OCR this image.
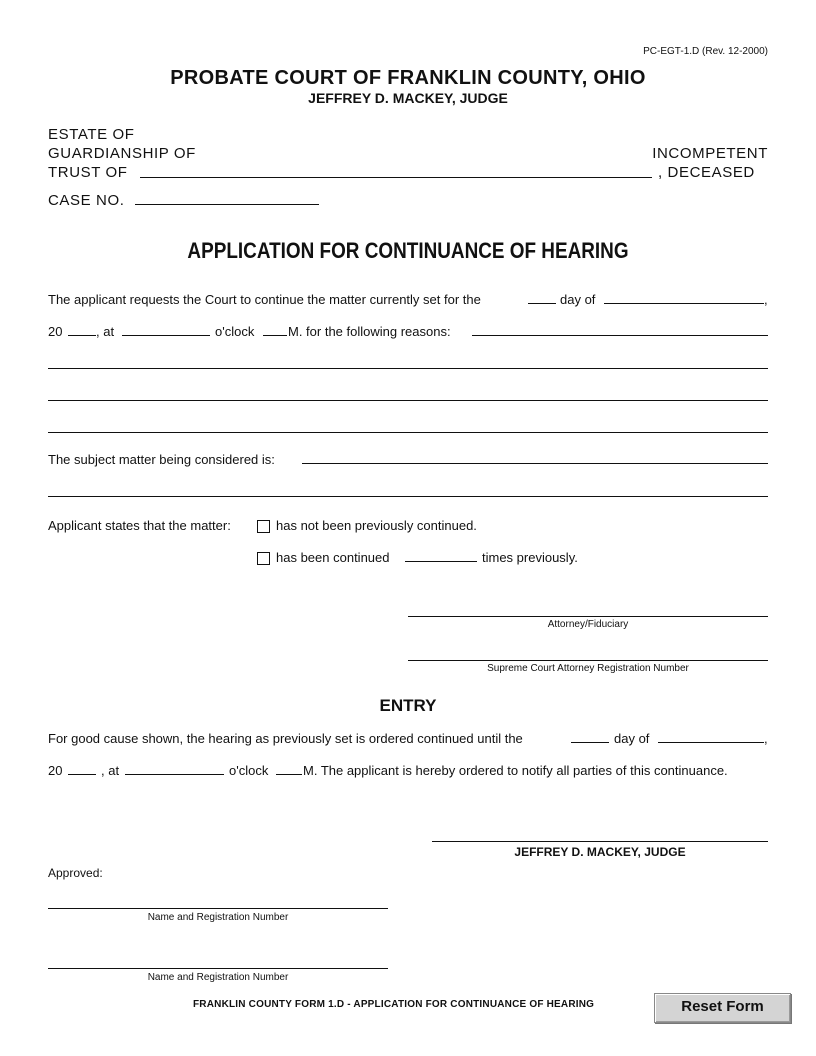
PC-EGT-1.D (Rev. 12-2000)
PROBATE COURT OF FRANKLIN COUNTY, OHIO
JEFFREY D. MACKEY, JUDGE
ESTATE OF
GUARDIANSHIP OF
TRUST OF
INCOMPETENT
, DECEASED
CASE NO.
APPLICATION FOR CONTINUANCE OF HEARING
The applicant requests the Court to continue the matter currently set for the	day of	,
20	, at	o'clock	M. for the following reasons:
The subject matter being considered is:
Applicant states that the matter:	has not been previously continued.
has been continued	times previously.
Attorney/Fiduciary
Supreme Court Attorney Registration Number
ENTRY
For good cause shown, the hearing as previously set is ordered continued until the	day of	,
20	, at	o'clock	M. The applicant is hereby ordered to notify all parties of this continuance.
JEFFREY D. MACKEY, JUDGE
Approved:
Name and Registration Number
Name and Registration Number
FRANKLIN COUNTY FORM 1.D - APPLICATION FOR CONTINUANCE OF HEARING	Reset Form
